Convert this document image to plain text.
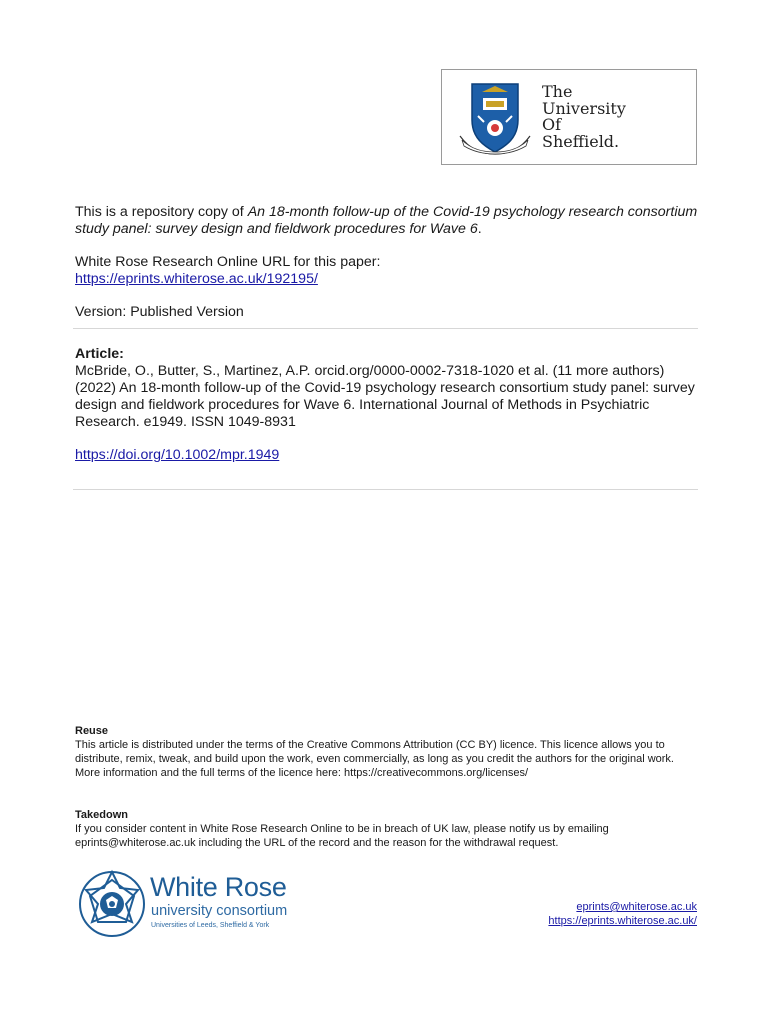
The
University
Of
Sheffield.
This is a repository copy of An 18-month follow-up of the Covid-19 psychology research consortium study panel: survey design and fieldwork procedures for Wave 6.
White Rose Research Online URL for this paper:
https://eprints.whiterose.ac.uk/192195/
Version: Published Version
Article:
McBride, O., Butter, S., Martinez, A.P. orcid.org/0000-0002-7318-1020 et al. (11 more authors) (2022) An 18-month follow-up of the Covid-19 psychology research consortium study panel: survey design and fieldwork procedures for Wave 6. International Journal of Methods in Psychiatric Research. e1949. ISSN 1049-8931
https://doi.org/10.1002/mpr.1949
Reuse
This article is distributed under the terms of the Creative Commons Attribution (CC BY) licence. This licence allows you to distribute, remix, tweak, and build upon the work, even commercially, as long as you credit the authors for the original work. More information and the full terms of the licence here: https://creativecommons.org/licenses/
Takedown
If you consider content in White Rose Research Online to be in breach of UK law, please notify us by emailing eprints@whiterose.ac.uk including the URL of the record and the reason for the withdrawal request.
White Rose
university consortium
Universities of Leeds, Sheffield & York
eprints@whiterose.ac.uk
https://eprints.whiterose.ac.uk/
